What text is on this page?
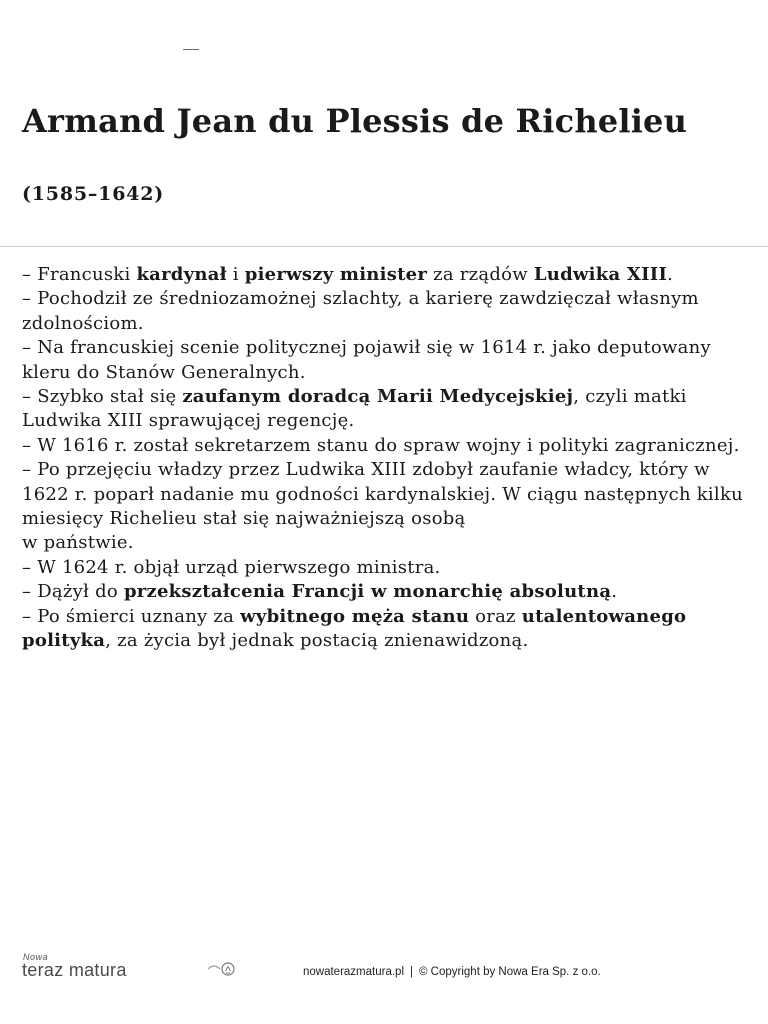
Armand Jean du Plessis de Richelieu
(1585–1642)

– Francuski kardynał i pierwszy minister za rządów Ludwika XIII.

– Pochodził ze średniozamożnej szlachty, a karierę zawdzięczał własnym zdolnościom.

– Na francuskiej scenie politycznej pojawił się w 1614 r. jako deputowany kleru do Stanów Generalnych.

– Szybko stał się zaufanym doradcą Marii Medycejskiej, czyli matki Ludwika XIII sprawującej regencję.

– W 1616 r. został sekretarzem stanu do spraw wojny i polityki zagranicznej.

– Po przejęciu władzy przez Ludwika XIII zdobył zaufanie władcy, który w 1622 r. poparł nadanie mu godności kardynalskiej. W ciągu następnych kilku miesięcy Richelieu stał się najważniejszą osobą

w państwie.

– W 1624 r. objął urząd pierwszego ministra.

– Dążył do przekształcenia Francji w monarchię absolutną.

– Po śmierci uznany za wybitnego męża stanu oraz utalentowanego polityka, za życia był jednak postacią znienawidzoną.

Nowa
teraz matura	nowaterazmatura.pl | © Copyright by Nowa Era Sp. z o.o.
